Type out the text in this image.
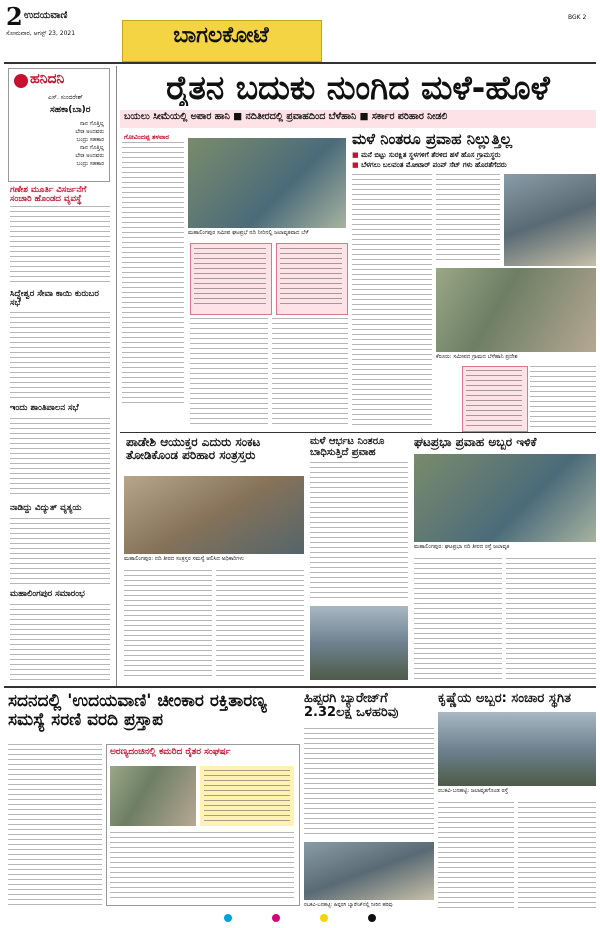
2 ಉದಯವಾಣಿ
ಸೋಮವಾರ, ಆಗಸ್ಟ್ 23, 2021	ಬಾಗಲಕೋಟೆ
BGK 2
ಹನಿದನಿ
ಎಸ್. ಸುಂದರೇಶ್
ಸಹಕಾ(ಬಾ)ರ
ನಾನ ಗೊತ್ತಿಲ್ಲ
ಬೇಡ ಅಂದವರು
ಬಂದ್ರು ಸಹಕಾರ
ನಾನ ಗೊತ್ತಿಲ್ಲ
ಬೇಡ ಅಂದವರು
ಬಂದ್ರು ಸಹಕಾರ
ಗಣೇಶ ಮೂರ್ತಿ ವಿಸರ್ಜನೆಗೆ ಸಂಚಾರಿ ಹೊಂಡದ ವ್ಯವಸ್ಥೆ
ಸಿದ್ದೇಶ್ವರ ಸೇವಾ ಕಾಯಿ ಕುರುಬರ ಸಭೆ
ಇಂದು ಶಾಂತಿಪಾಲನ ಸಭೆ
ನಾಡಿದ್ದು ವಿದ್ಯುತ್ ವ್ಯತ್ಯಯ
ಮಹಾಲಿಂಗಪುರ ಸಮಾರಂಭ
ರೈತನ ಬದುಕು ನುಂಗಿದ ಮಳೆ-ಹೊಳೆ
ಬಯಲು ಸೀಮೆಯಲ್ಲಿ ಅಪಾರ ಹಾನಿ ■ ನದಿತೀರದಲ್ಲಿ ಪ್ರವಾಹದಿಂದ ಬೆಳೆಹಾನಿ ■ ಸರ್ಕಾರ ಪರಿಹಾರ ನೀಡಲಿ
ಗೋವಿಂದಪ್ಪ ತಳವಾರ
ಮಹಾಲಿಂಗಪುರ ಸಮೀಪ ಘಟಪ್ರಭೆ ನದಿ ನೀರಿನಲ್ಲಿ ಜಲಾವೃತವಾದ ಬೆಳೆ
ಮಳೆ ನಿಂತರೂ ಪ್ರವಾಹ ನಿಲ್ಲುತ್ತಿಲ್ಲ
■ ಮನೆ ಬಿಟ್ಟು ಸುರಕ್ಷಿತ ಸ್ಥಳಗಳಿಗೆ ತೆರಳಿದ ಹಳೆ ಹೊಸ ಗ್ರಾಮಸ್ಥರು
■ ಬೆಳಗಲು ಬಲವಂತ ಮೋಟಾರ್ ಪಂಪ್ ಸೆಟ್ ಗಳು ಹೊರತೆಗೆದರು
ಕೆರೂರು: ಸಮೀಪದ ಗ್ರಾಮದ ಬೆಳೆಹಾನಿ ಪ್ರದೇಶ
ಪಾಡೇಶಿ ಆಯುಕ್ತರ ಎದುರು ಸಂಕಟ ತೋಡಿಕೊಂಡ ಪರಿಹಾರ ಸಂತ್ರಸ್ತರು
ಮಹಾಲಿಂಗಪುರ: ನದಿ ತೀರದ ಸಂತ್ರಸ್ತರ ಸಮಸ್ಯೆ ಆಲಿಸಿದ ಅಧಿಕಾರಿಗಳು
ಮಳೆ ಆರ್ಭಟ ನಿಂತರೂ ಬಾಧಿಸುತ್ತಿದೆ ಪ್ರವಾಹ
ಘಟಪ್ರಭಾ ಪ್ರವಾಹ ಅಬ್ಬರ ಇಳಿಕೆ
ಮಹಾಲಿಂಗಪುರ: ಘಟಪ್ರಭಾ ನದಿ ತೀರದ ರಸ್ತೆ ಜಲಾವೃತ
ಸದನದಲ್ಲಿ 'ಉದಯವಾಣಿ' ಚೀಂಕಾರ ರಕ್ತಿತಾರಣ್ಯ ಸಮಸ್ಯೆ ಸರಣಿ ವರದಿ ಪ್ರಸ್ತಾಪ
ಅರಣ್ಯದಂಚಿನಲ್ಲಿ ಕಮರಿದ ರೈತರ ಸಂಘರ್ಷ
ಹಿಪ್ಪರಗಿ ಬ್ಯಾರೇಜ್‌ಗೆ 2.32ಲಕ್ಷ ಒಳಹರಿವು
ರಬಕವಿ-ಬನಹಟ್ಟಿ: ಹಿಪ್ಪರಗಿ ಬ್ಯಾರೇಜ್‌ನಲ್ಲಿ ನೀರಿನ ಹರಿವು
ಕೃಷ್ಣೆಯ ಅಬ್ಬರ: ಸಂಚಾರ ಸ್ಥಗಿತ
ರಬಕವಿ-ಬನಹಟ್ಟಿ: ಜಲಾವೃತಗೊಂಡ ರಸ್ತೆ
